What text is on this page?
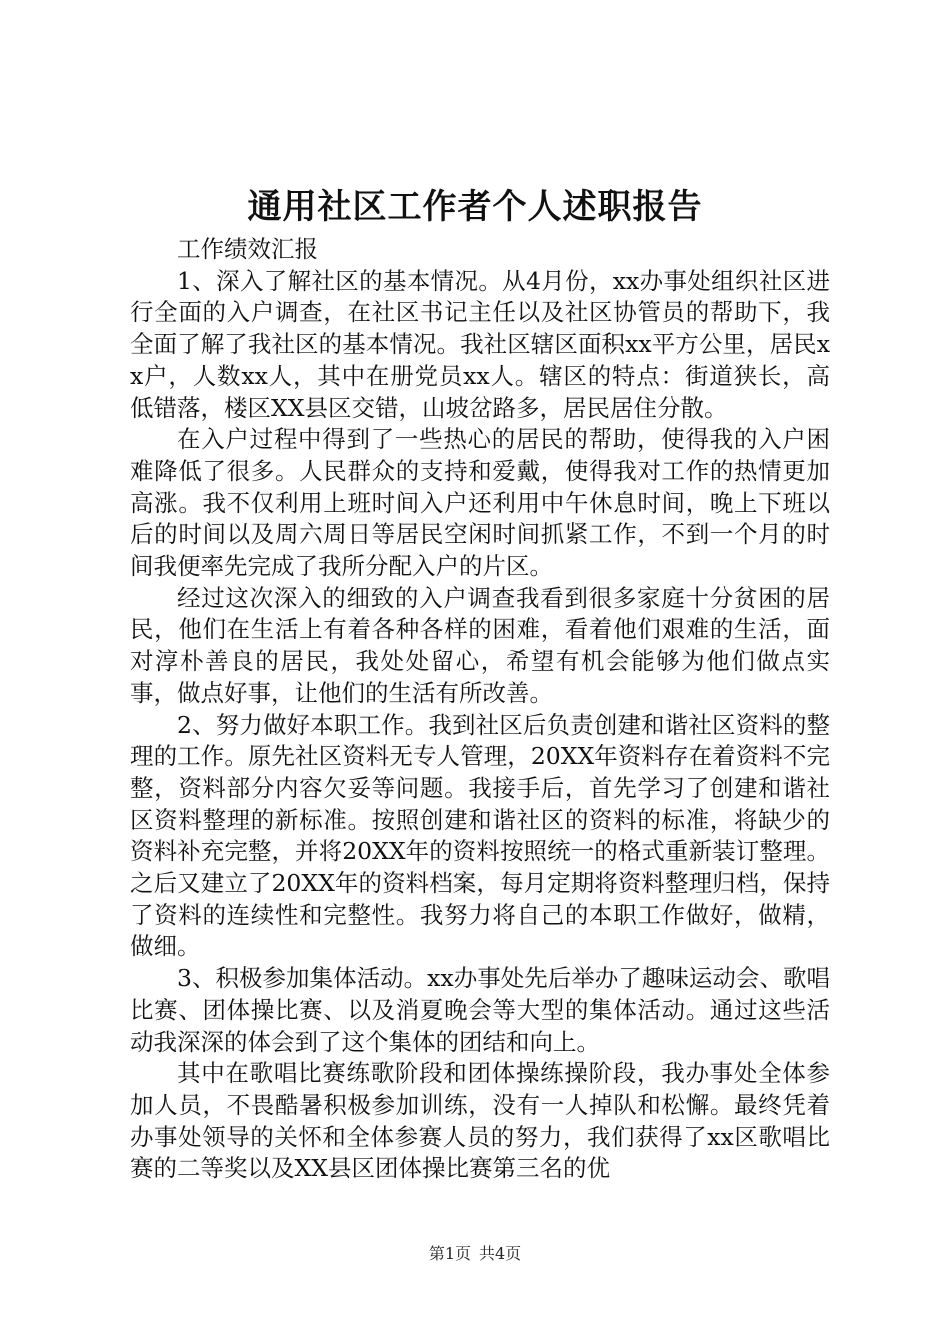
通用社区工作者个人述职报告

工作绩效汇报

1、深入了解社区的基本情况。从4月份，xx办事处组织社区进行全面的入户调查，在社区书记主任以及社区协管员的帮助下，我全面了解了我社区的基本情况。我社区辖区面积xx平方公里，居民xx户，人数xx人，其中在册党员xx人。辖区的特点：街道狭长，高低错落，楼区XX县区交错，山坡岔路多，居民居住分散。

在入户过程中得到了一些热心的居民的帮助，使得我的入户困难降低了很多。人民群众的支持和爱戴，使得我对工作的热情更加高涨。我不仅利用上班时间入户还利用中午休息时间，晚上下班以后的时间以及周六周日等居民空闲时间抓紧工作，不到一个月的时间我便率先完成了我所分配入户的片区。

经过这次深入的细致的入户调查我看到很多家庭十分贫困的居民，他们在生活上有着各种各样的困难，看着他们艰难的生活，面对淳朴善良的居民，我处处留心，希望有机会能够为他们做点实事，做点好事，让他们的生活有所改善。

2、努力做好本职工作。我到社区后负责创建和谐社区资料的整理的工作。原先社区资料无专人管理，20XX年资料存在着资料不完整，资料部分内容欠妥等问题。我接手后，首先学习了创建和谐社区资料整理的新标准。按照创建和谐社区的资料的标准，将缺少的资料补充完整，并将20XX年的资料按照统一的格式重新装订整理。之后又建立了20XX年的资料档案，每月定期将资料整理归档，保持了资料的连续性和完整性。我努力将自己的本职工作做好，做精，做细。

3、积极参加集体活动。xx办事处先后举办了趣味运动会、歌唱比赛、团体操比赛、以及消夏晚会等大型的集体活动。通过这些活动我深深的体会到了这个集体的团结和向上。

其中在歌唱比赛练歌阶段和团体操练操阶段，我办事处全体参加人员，不畏酷暑积极参加训练，没有一人掉队和松懈。最终凭着办事处领导的关怀和全体参赛人员的努力，我们获得了xx区歌唱比赛的二等奖以及XX县区团体操比赛第三名的优

第1页 共4页
